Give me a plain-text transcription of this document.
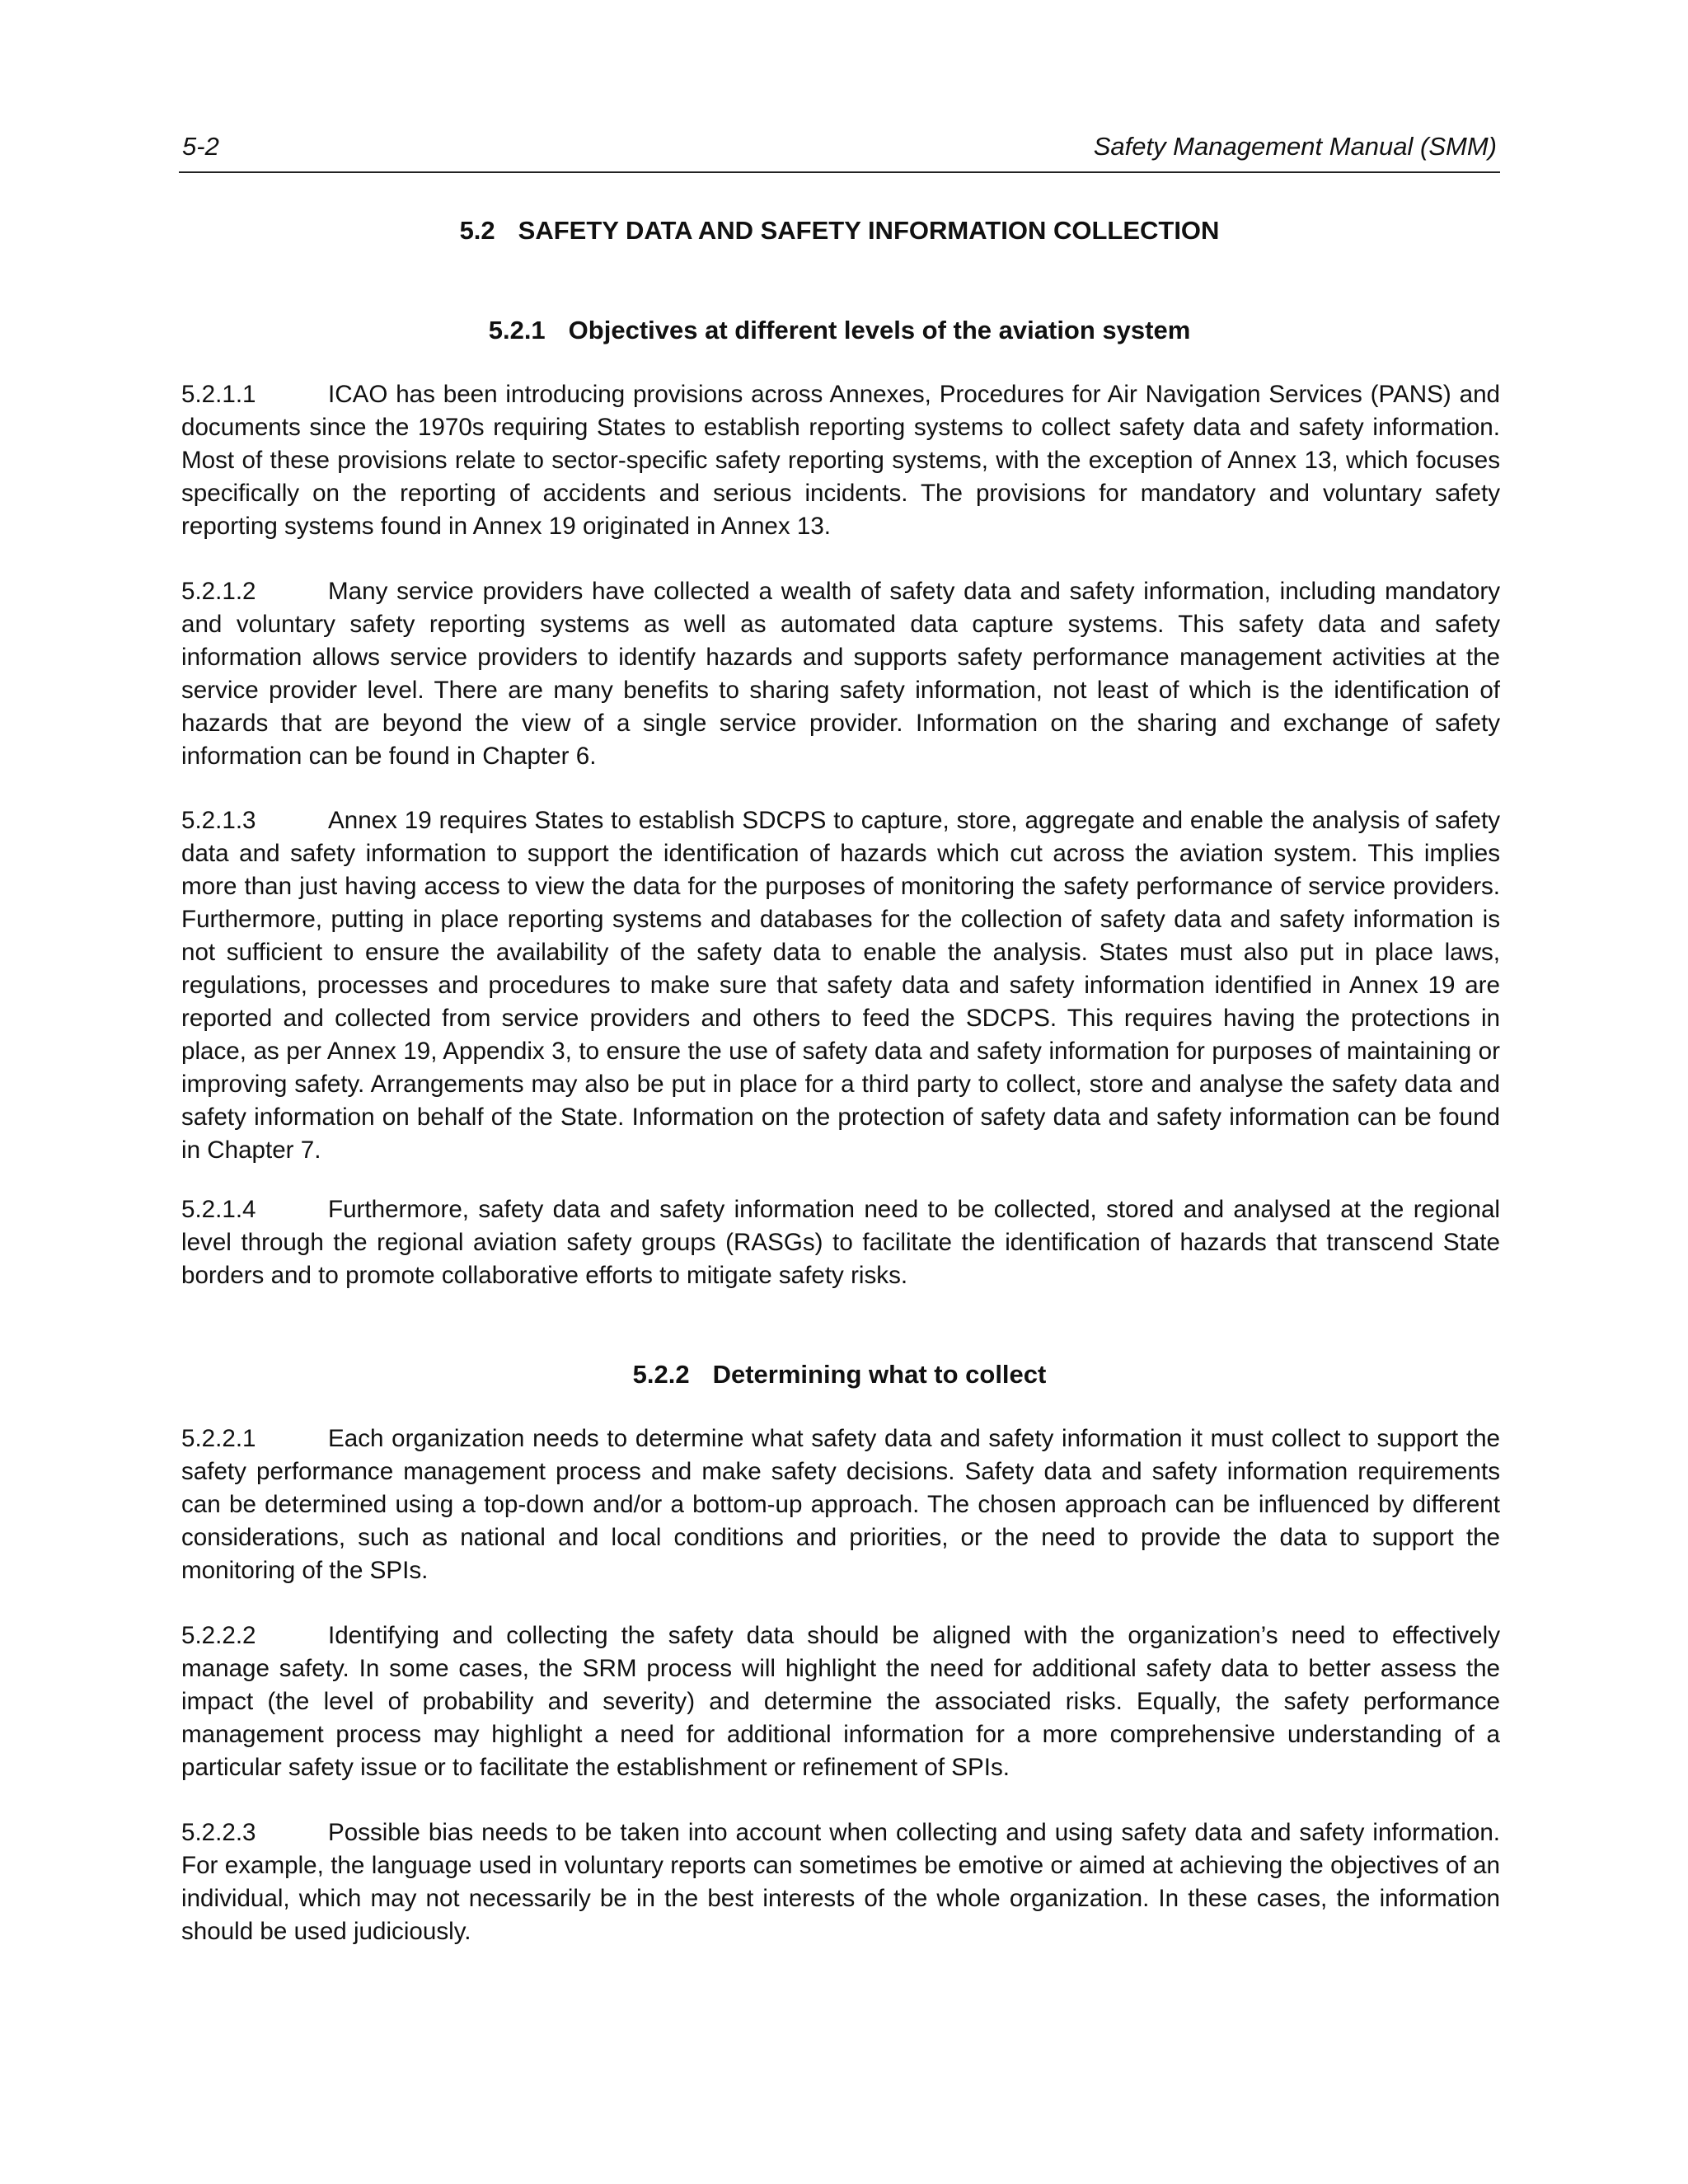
5-2	Safety Management Manual (SMM)
5.2 SAFETY DATA AND SAFETY INFORMATION COLLECTION
5.2.1 Objectives at different levels of the aviation system
5.2.1.1	ICAO has been introducing provisions across Annexes, Procedures for Air Navigation Services (PANS) and documents since the 1970s requiring States to establish reporting systems to collect safety data and safety information. Most of these provisions relate to sector-specific safety reporting systems, with the exception of Annex 13, which focuses specifically on the reporting of accidents and serious incidents. The provisions for mandatory and voluntary safety reporting systems found in Annex 19 originated in Annex 13.
5.2.1.2	Many service providers have collected a wealth of safety data and safety information, including mandatory and voluntary safety reporting systems as well as automated data capture systems. This safety data and safety information allows service providers to identify hazards and supports safety performance management activities at the service provider level. There are many benefits to sharing safety information, not least of which is the identification of hazards that are beyond the view of a single service provider. Information on the sharing and exchange of safety information can be found in Chapter 6.
5.2.1.3	Annex 19 requires States to establish SDCPS to capture, store, aggregate and enable the analysis of safety data and safety information to support the identification of hazards which cut across the aviation system. This implies more than just having access to view the data for the purposes of monitoring the safety performance of service providers. Furthermore, putting in place reporting systems and databases for the collection of safety data and safety information is not sufficient to ensure the availability of the safety data to enable the analysis. States must also put in place laws, regulations, processes and procedures to make sure that safety data and safety information identified in Annex 19 are reported and collected from service providers and others to feed the SDCPS. This requires having the protections in place, as per Annex 19, Appendix 3, to ensure the use of safety data and safety information for purposes of maintaining or improving safety. Arrangements may also be put in place for a third party to collect, store and analyse the safety data and safety information on behalf of the State. Information on the protection of safety data and safety information can be found in Chapter 7.
5.2.1.4	Furthermore, safety data and safety information need to be collected, stored and analysed at the regional level through the regional aviation safety groups (RASGs) to facilitate the identification of hazards that transcend State borders and to promote collaborative efforts to mitigate safety risks.
5.2.2 Determining what to collect
5.2.2.1	Each organization needs to determine what safety data and safety information it must collect to support the safety performance management process and make safety decisions. Safety data and safety information requirements can be determined using a top-down and/or a bottom-up approach. The chosen approach can be influenced by different considerations, such as national and local conditions and priorities, or the need to provide the data to support the monitoring of the SPIs.
5.2.2.2	Identifying and collecting the safety data should be aligned with the organization’s need to effectively manage safety. In some cases, the SRM process will highlight the need for additional safety data to better assess the impact (the level of probability and severity) and determine the associated risks. Equally, the safety performance management process may highlight a need for additional information for a more comprehensive understanding of a particular safety issue or to facilitate the establishment or refinement of SPIs.
5.2.2.3	Possible bias needs to be taken into account when collecting and using safety data and safety information. For example, the language used in voluntary reports can sometimes be emotive or aimed at achieving the objectives of an individual, which may not necessarily be in the best interests of the whole organization. In these cases, the information should be used judiciously.
